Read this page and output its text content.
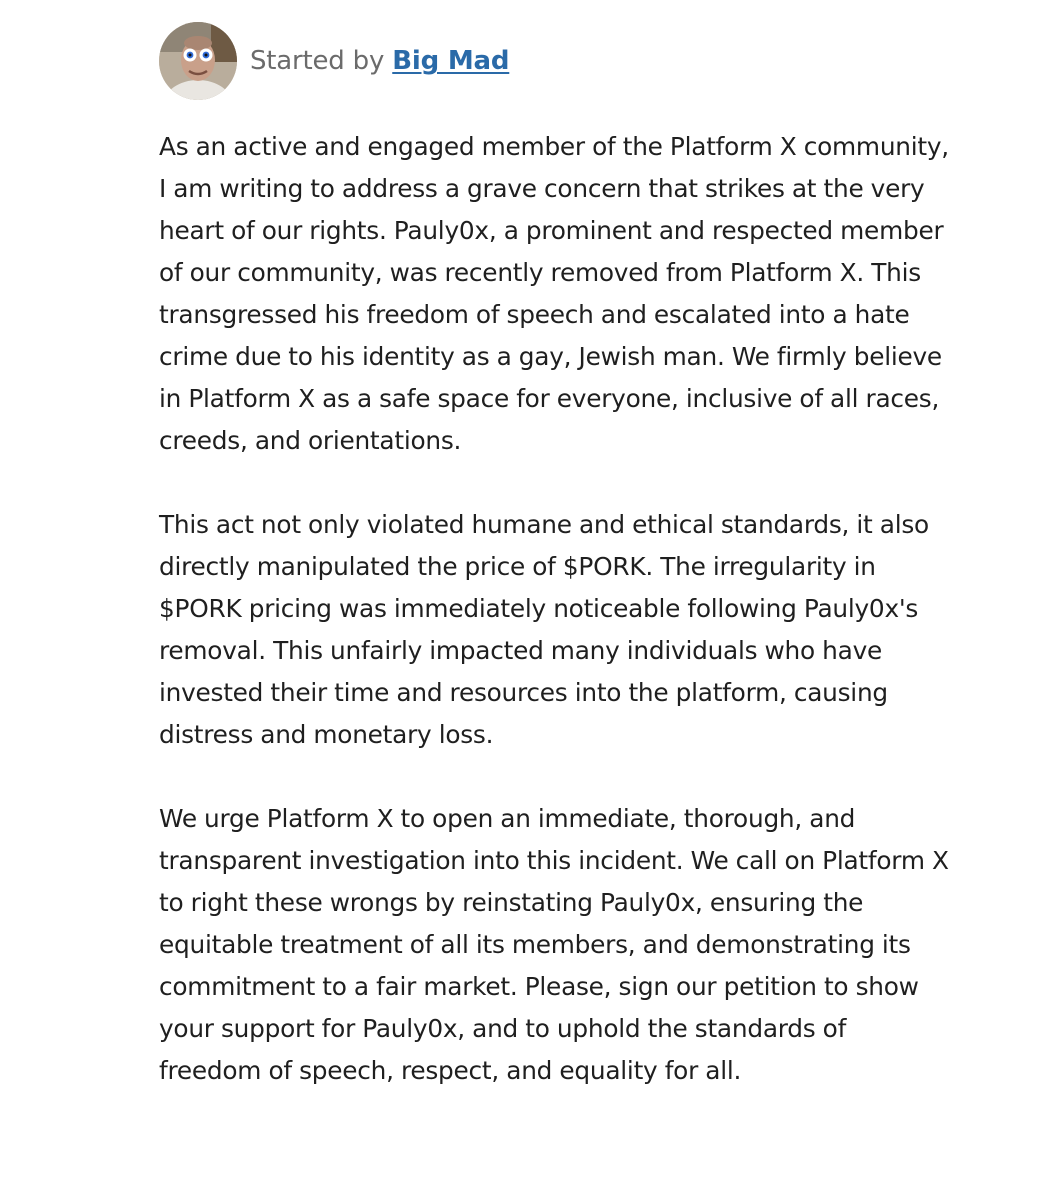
Started by Big Mad

As an active and engaged member of the Platform X community, I am writing to address a grave concern that strikes at the very heart of our rights. Pauly0x, a prominent and respected member of our community, was recently removed from Platform X. This transgressed his freedom of speech and escalated into a hate crime due to his identity as a gay, Jewish man. We firmly believe in Platform X as a safe space for everyone, inclusive of all races, creeds, and orientations.

This act not only violated humane and ethical standards, it also directly manipulated the price of $PORK. The irregularity in $PORK pricing was immediately noticeable following Pauly0x's removal. This unfairly impacted many individuals who have invested their time and resources into the platform, causing distress and monetary loss.

We urge Platform X to open an immediate, thorough, and transparent investigation into this incident. We call on Platform X to right these wrongs by reinstating Pauly0x, ensuring the equitable treatment of all its members, and demonstrating its commitment to a fair market. Please, sign our petition to show your support for Pauly0x, and to uphold the standards of freedom of speech, respect, and equality for all.
